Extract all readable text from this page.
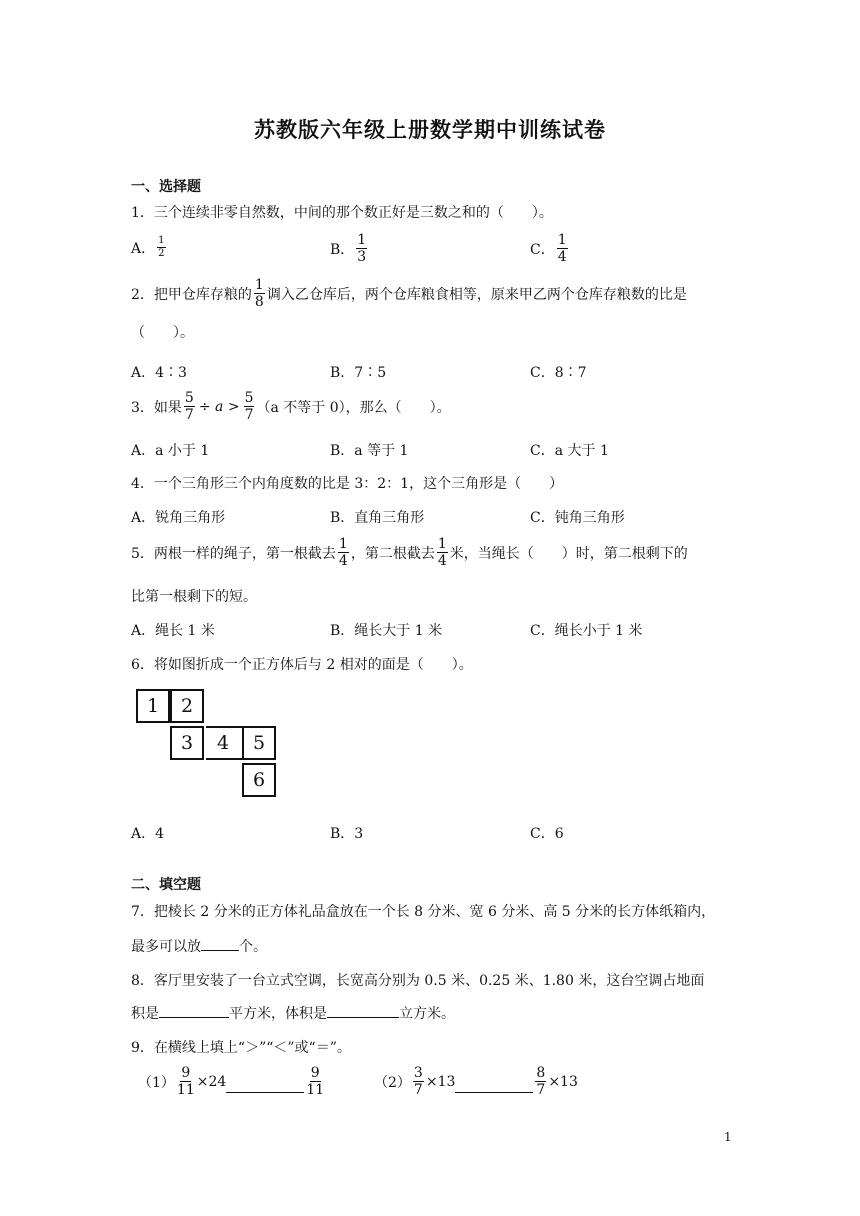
苏教版六年级上册数学期中训练试卷
一、选择题
1．三个连续非零自然数，中间的那个数正好是三数之和的（　　）。
A． $\frac{1}{2}$	B． $\frac{1}{3}$	C． $\frac{1}{4}$
2．把甲仓库存粮的 $\frac{1}{8}$ 调入乙仓库后，两个仓库粮食相等，原来甲乙两个仓库存粮数的比是
（　　）。
A．4∶3	B．7∶5	C．8∶7
3．如果 $\frac{5}{7} \div a > \frac{5}{7} (a$ 不等于 0），那么（　　）。
A．a 小于 1	B．a 等于 1	C．a 大于 1
4．一个三角形三个内角度数的比是 3：2：1，这个三角形是（　　）
A．锐角三角形	B．直角三角形	C．钝角三角形
5．两根一样的绳子，第一根截去 $\frac{1}{4}$ ，第二根截去 $\frac{1}{4}$ 米，当绳长（　　）时，第二根剩下的
比第一根剩下的短。
A．绳长 1 米	B．绳长大于 1 米	C．绳长小于 1 米
6．将如图折成一个正方体后与 2 相对的面是（　　）。
1	2
3	4	5
6
A．4	B．3	C．6
二、填空题
7．把棱长 2 分米的正方体礼品盒放在一个长 8 分米、宽 6 分米、高 5 分米的长方体纸箱内，
最多可以放	个。
8．客厅里安装了一台立式空调，长宽高分别为 0.5 米、0.25 米、1.80 米，这台空调占地面
积是	平方米，体积是	立方米。
9．在横线上填上“＞”“＜”或“＝”。
$(1) \frac{9}{11} \times 24$	$\frac{9}{11}$	$(2) \frac{3}{7} \times 13$	$\frac{8}{7} \times 13$
1
